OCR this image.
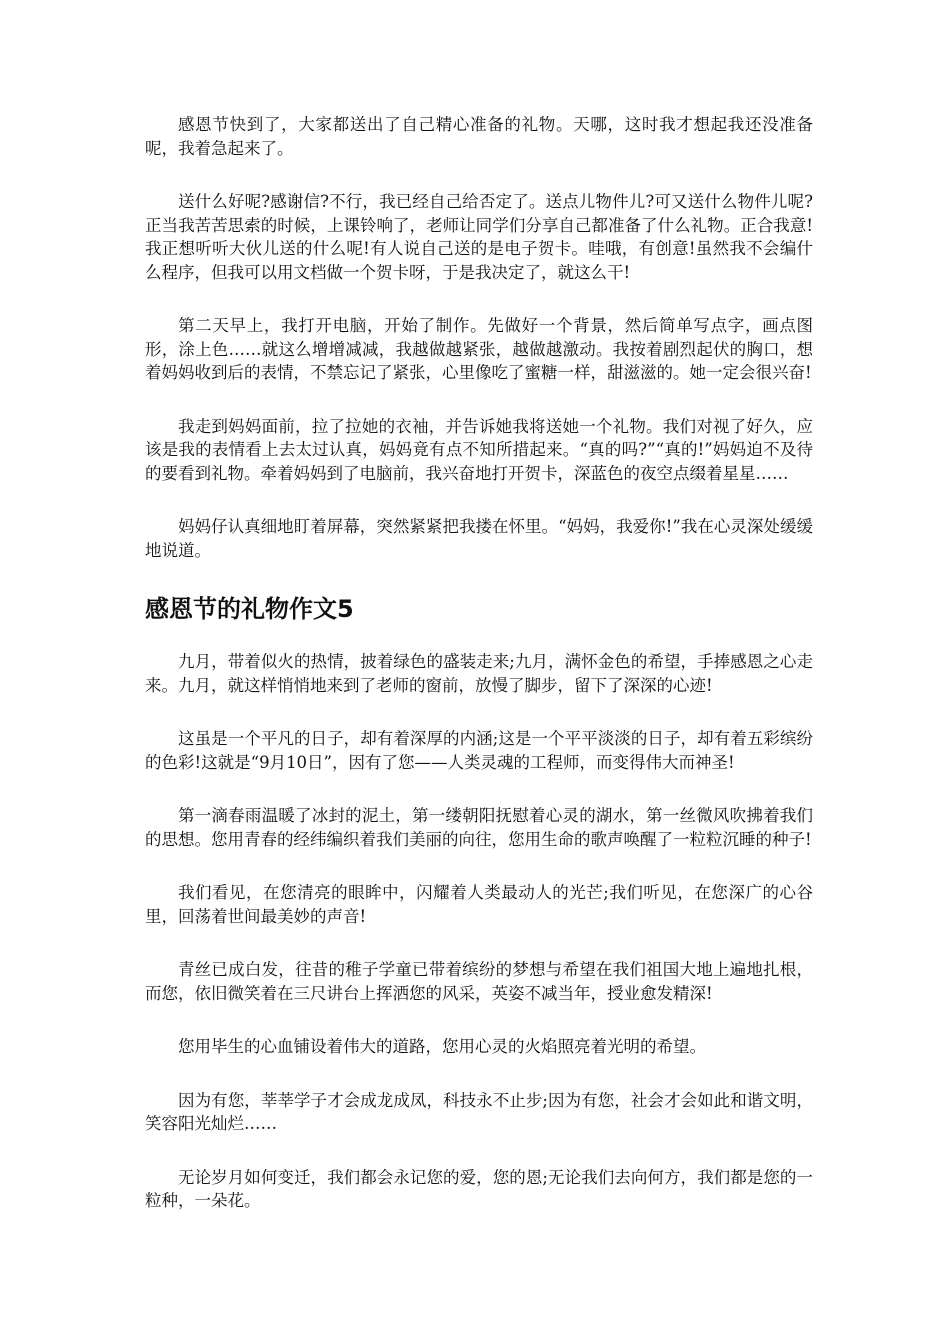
感恩节快到了，大家都送出了自己精心准备的礼物。天哪，这时我才想起我还没准备呢，我着急起来了。

送什么好呢?感谢信?不行，我已经自己给否定了。送点儿物件儿?可又送什么物件儿呢?正当我苦苦思索的时候，上课铃响了，老师让同学们分享自己都准备了什么礼物。正合我意!我正想听听大伙儿送的什么呢!有人说自己送的是电子贺卡。哇哦，有创意!虽然我不会编什么程序，但我可以用文档做一个贺卡呀，于是我决定了，就这么干!

第二天早上，我打开电脑，开始了制作。先做好一个背景，然后简单写点字，画点图形，涂上色……就这么增增减减，我越做越紧张，越做越激动。我按着剧烈起伏的胸口，想着妈妈收到后的表情，不禁忘记了紧张，心里像吃了蜜糖一样，甜滋滋的。她一定会很兴奋!

我走到妈妈面前，拉了拉她的衣袖，并告诉她我将送她一个礼物。我们对视了好久，应该是我的表情看上去太过认真，妈妈竟有点不知所措起来。“真的吗?”“真的!”妈妈迫不及待的要看到礼物。牵着妈妈到了电脑前，我兴奋地打开贺卡，深蓝色的夜空点缀着星星……

妈妈仔认真细地盯着屏幕，突然紧紧把我搂在怀里。“妈妈，我爱你!”我在心灵深处缓缓地说道。

感恩节的礼物作文5

九月，带着似火的热情，披着绿色的盛装走来;九月，满怀金色的希望，手捧感恩之心走来。九月，就这样悄悄地来到了老师的窗前，放慢了脚步，留下了深深的心迹!

这虽是一个平凡的日子，却有着深厚的内涵;这是一个平平淡淡的日子，却有着五彩缤纷的色彩!这就是“9月10日”，因有了您——人类灵魂的工程师，而变得伟大而神圣!

第一滴春雨温暖了冰封的泥土，第一缕朝阳抚慰着心灵的湖水，第一丝微风吹拂着我们的思想。您用青春的经纬编织着我们美丽的向往，您用生命的歌声唤醒了一粒粒沉睡的种子!

我们看见，在您清亮的眼眸中，闪耀着人类最动人的光芒;我们听见，在您深广的心谷里，回荡着世间最美妙的声音!

青丝已成白发，往昔的稚子学童已带着缤纷的梦想与希望在我们祖国大地上遍地扎根，而您，依旧微笑着在三尺讲台上挥洒您的风采，英姿不减当年，授业愈发精深!

您用毕生的心血铺设着伟大的道路，您用心灵的火焰照亮着光明的希望。

因为有您，莘莘学子才会成龙成凤，科技永不止步;因为有您，社会才会如此和谐文明，笑容阳光灿烂……

无论岁月如何变迁，我们都会永记您的爱，您的恩;无论我们去向何方，我们都是您的一粒种，一朵花。
